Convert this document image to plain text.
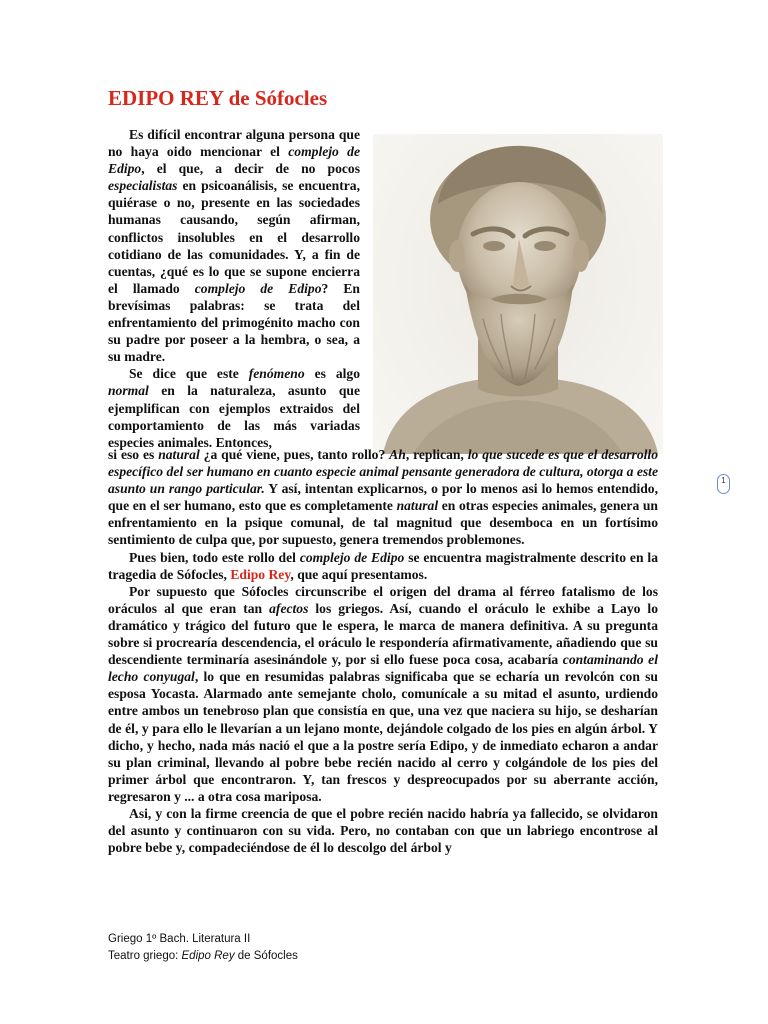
EDIPO REY de Sófocles
1

Es difícil encontrar alguna persona que no haya oido mencionar el complejo de Edipo, el que, a decir de no pocos especialistas en psicoanálisis, se encuentra, quiérase o no, presente en las sociedades humanas causando, según afirman, conflictos insolubles en el desarrollo cotidiano de las comunidades. Y, a fin de cuentas, ¿qué es lo que se supone encierra el llamado complejo de Edipo? En brevísimas palabras: se trata del enfrentamiento del primogénito macho con su padre por poseer a la hembra, o sea, a su madre.

Se dice que este fenómeno es algo normal en la naturaleza, asunto que ejemplifican con ejemplos extraidos del comportamiento de las más variadas especies animales. Entonces,

si eso es natural ¿a qué viene, pues, tanto rollo? Ah, replican, lo que sucede es que el desarrollo específico del ser humano en cuanto especie animal pensante generadora de cultura, otorga a este asunto un rango particular. Y así, intentan explicarnos, o por lo menos asi lo hemos entendido, que en el ser humano, esto que es completamente natural en otras especies animales, genera un enfrentamiento en la psique comunal, de tal magnitud que desemboca en un fortísimo sentimiento de culpa que, por supuesto, genera tremendos problemones.

Pues bien, todo este rollo del complejo de Edipo se encuentra magistralmente descrito en la tragedia de Sófocles, Edipo Rey, que aquí presentamos.

Por supuesto que Sófocles circunscribe el origen del drama al férreo fatalismo de los oráculos al que eran tan afectos los griegos. Así, cuando el oráculo le exhibe a Layo lo dramático y trágico del futuro que le espera, le marca de manera definitiva. A su pregunta sobre si procrearía descendencia, el oráculo le respondería afirmativamente, añadiendo que su descendiente terminaría asesinándole y, por si ello fuese poca cosa, acabaría contaminando el lecho conyugal, lo que en resumidas palabras significaba que se echaría un revolcón con su esposa Yocasta. Alarmado ante semejante cholo, comunícale a su mitad el asunto, urdiendo entre ambos un tenebroso plan que consistía en que, una vez que naciera su hijo, se desharían de él, y para ello le llevarían a un lejano monte, dejándole colgado de los pies en algún árbol. Y dicho, y hecho, nada más nació el que a la postre sería Edipo, y de inmediato echaron a andar su plan criminal, llevando al pobre bebe recién nacido al cerro y colgándole de los pies del primer árbol que encontraron. Y, tan frescos y despreocupados por su aberrante acción, regresaron y ... a otra cosa mariposa.

Asi, y con la firme creencia de que el pobre recién nacido habría ya fallecido, se olvidaron del asunto y continuaron con su vida. Pero, no contaban con que un labriego encontrose al pobre bebe y, compadeciéndose de él lo descolgo del árbol y

Griego 1º Bach. Literatura II
Teatro griego: Edipo Rey de Sófocles
